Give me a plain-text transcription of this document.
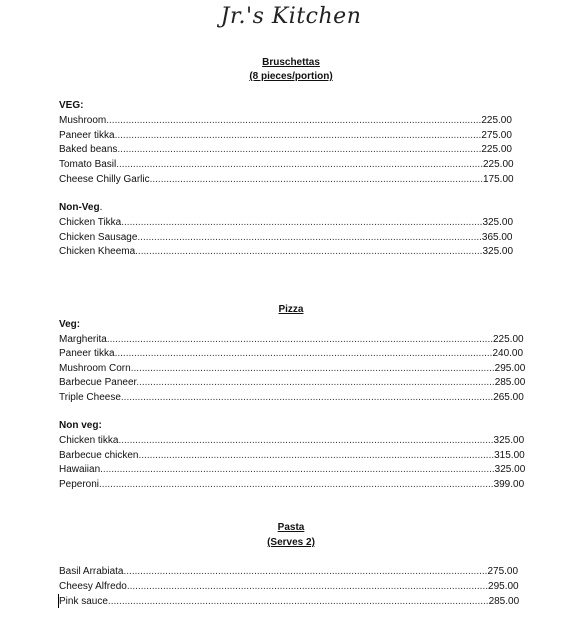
Jr.'s Kitchen
Bruschettas
(8 pieces/portion)
VEG:
Mushroom.......................................................................................................................................225.00
Paneer tikka....................................................................................................................................275.00
Baked beans...................................................................................................................................225.00
Tomato Basil....................................................................................................................................225.00
Cheese Chilly Garlic........................................................................................................................175.00
Non-Veg.
Chicken Tikka..................................................................................................................................325.00
Chicken Sausage............................................................................................................................365.00
Chicken Kheema.............................................................................................................................325.00
Pizza
Veg:
Margherita...........................................................................................................................................225.00
Paneer tikka........................................................................................................................................240.00
Mushroom Corn...................................................................................................................................295.00
Barbecue Paneer.................................................................................................................................285.00
Triple Cheese......................................................................................................................................265.00
Non veg:
Chicken tikka.......................................................................................................................................325.00
Barbecue chicken................................................................................................................................315.00
Hawaiian..............................................................................................................................................325.00
Peperoni..............................................................................................................................................399.00
Pasta
(Serves 2)
Basil Arrabiata...................................................................................................................................275.00
Cheesy Alfredo..................................................................................................................................295.00
Pink sauce.........................................................................................................................................285.00
